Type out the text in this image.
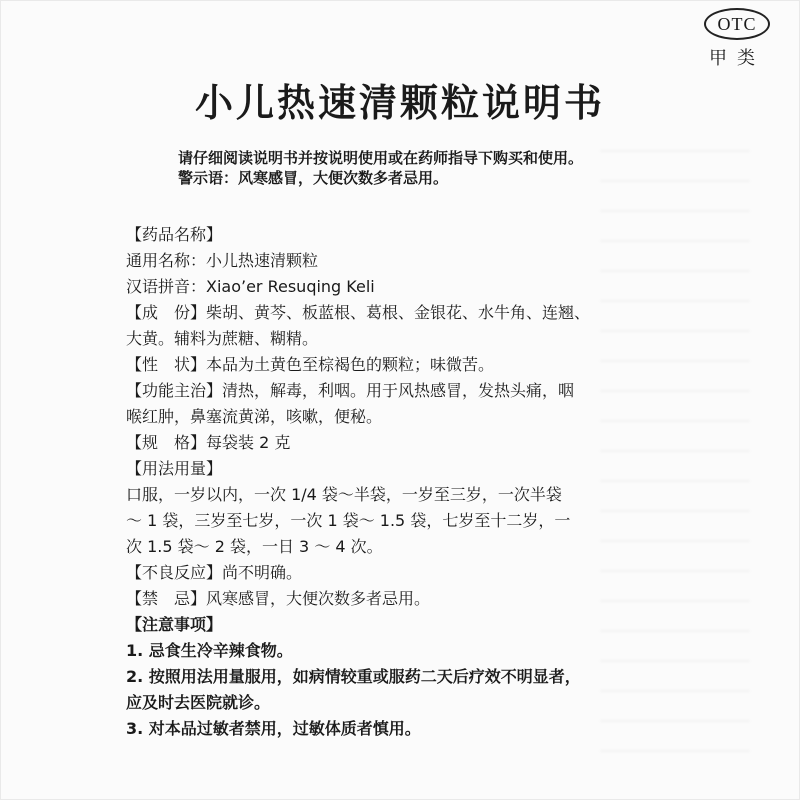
OTC
甲类
小儿热速清颗粒说明书
请仔细阅读说明书并按说明使用或在药师指导下购买和使用。
警示语：风寒感冒，大便次数多者忌用。
【药品名称】
通用名称：小儿热速清颗粒
汉语拼音：Xiao’er Resuqing Keli
【成　份】柴胡、黄芩、板蓝根、葛根、金银花、水牛角、连翘、
大黄。辅料为蔗糖、糊精。
【性　状】本品为土黄色至棕褐色的颗粒；味微苦。
【功能主治】清热，解毒，利咽。用于风热感冒，发热头痛，咽
喉红肿，鼻塞流黄涕，咳嗽，便秘。
【规　格】每袋装 2 克
【用法用量】
口服，一岁以内，一次 1/4 袋～半袋，一岁至三岁，一次半袋
～ 1 袋，三岁至七岁，一次 1 袋～ 1.5 袋，七岁至十二岁，一
次 1.5 袋～ 2 袋，一日 3 ～ 4 次。
【不良反应】尚不明确。
【禁　忌】风寒感冒，大便次数多者忌用。
【注意事项】
1. 忌食生冷辛辣食物。
2. 按照用法用量服用，如病情较重或服药二天后疗效不明显者，
应及时去医院就诊。
3. 对本品过敏者禁用，过敏体质者慎用。
